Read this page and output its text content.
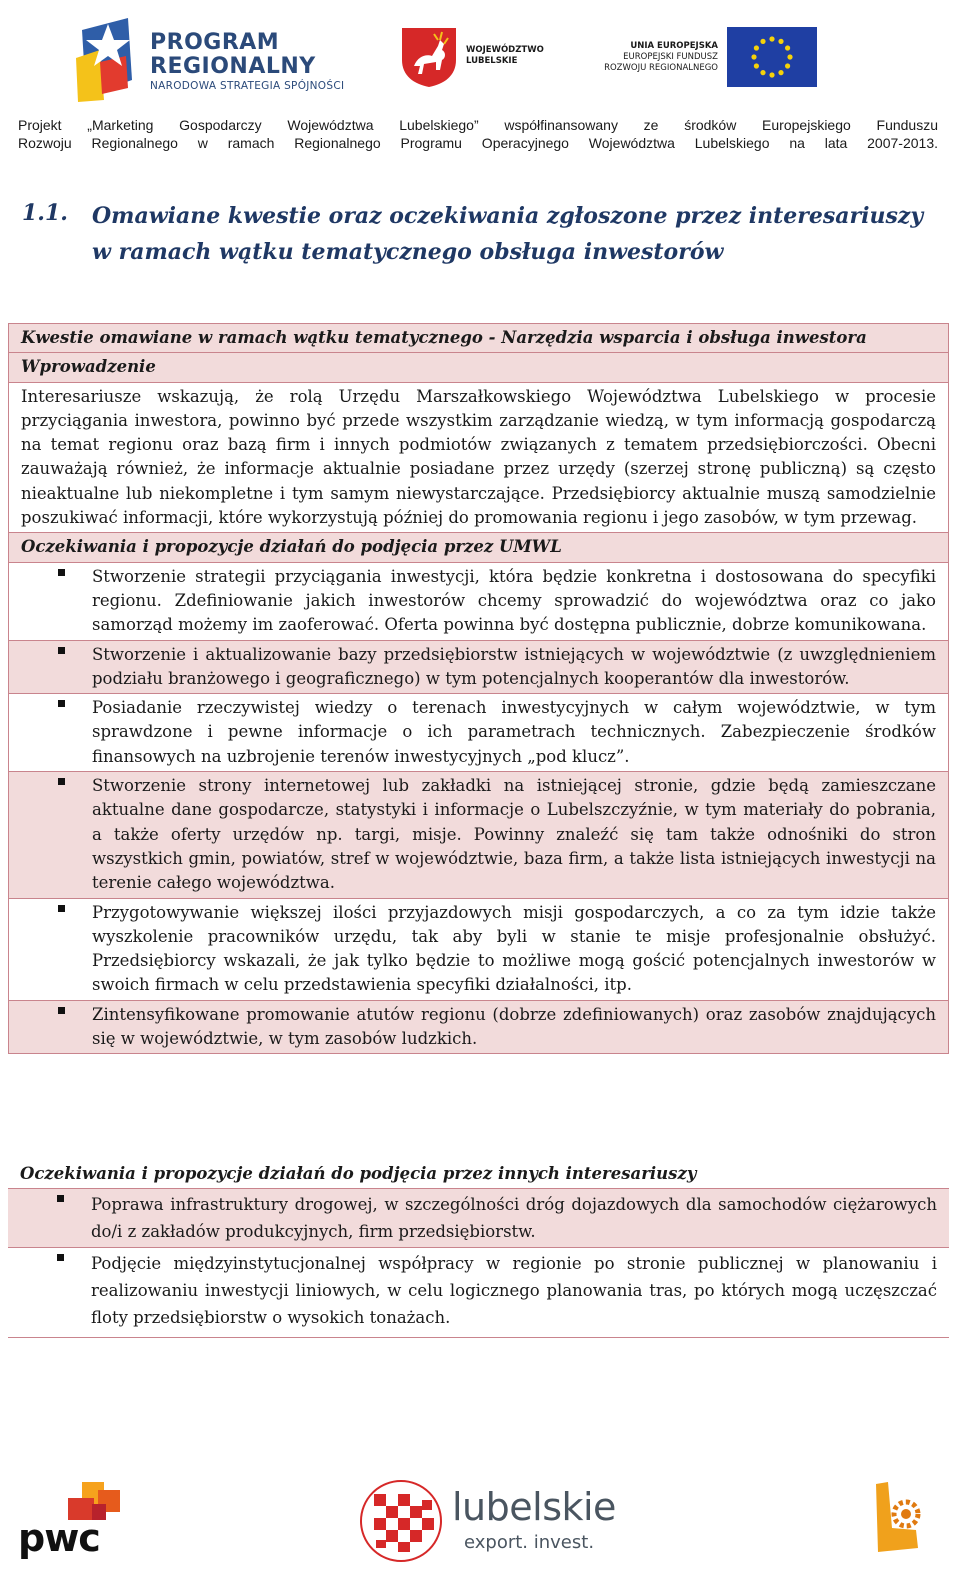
PROGRAM
REGIONALNY
NARODOWA STRATEGIA SPÓJNOŚCI
WOJEWÓDZTWO
LUBELSKIE
UNIA EUROPEJSKA
EUROPEJSKI FUNDUSZ
ROZWOJU REGIONALNEGO
Projekt „Marketing Gospodarczy Województwa Lubelskiego” współfinansowany ze środków Europejskiego Funduszu
Rozwoju Regionalnego w ramach Regionalnego Programu Operacyjnego Województwa Lubelskiego na lata 2007-2013.
1.1. Omawiane kwestie oraz oczekiwania zgłoszone przez interesariuszy w ramach wątku tematycznego obsługa inwestorów
Kwestie omawiane w ramach wątku tematycznego - Narzędzia wsparcia i obsługa inwestora
Wprowadzenie
Interesariusze wskazują, że rolą Urzędu Marszałkowskiego Województwa Lubelskiego w procesie przyciągania inwestora, powinno być przede wszystkim zarządzanie wiedzą, w tym informacją gospodarczą na temat regionu oraz bazą firm i innych podmiotów związanych z tematem przedsiębiorczości. Obecni zauważają również, że informacje aktualnie posiadane przez urzędy (szerzej stronę publiczną) są często nieaktualne lub niekompletne i tym samym niewystarczające. Przedsiębiorcy aktualnie muszą samodzielnie poszukiwać informacji, które wykorzystują później do promowania regionu i jego zasobów, w tym przewag.
Oczekiwania i propozycje działań do podjęcia przez UMWL
Stworzenie strategii przyciągania inwestycji, która będzie konkretna i dostosowana do specyfiki regionu. Zdefiniowanie jakich inwestorów chcemy sprowadzić do województwa oraz co jako samorząd możemy im zaoferować. Oferta powinna być dostępna publicznie, dobrze komunikowana.
Stworzenie i aktualizowanie bazy przedsiębiorstw istniejących w województwie (z uwzględnieniem podziału branżowego i geograficznego) w tym potencjalnych kooperantów dla inwestorów.
Posiadanie rzeczywistej wiedzy o terenach inwestycyjnych w całym województwie, w tym sprawdzone i pewne informacje o ich parametrach technicznych. Zabezpieczenie środków finansowych na uzbrojenie terenów inwestycyjnych „pod klucz”.
Stworzenie strony internetowej lub zakładki na istniejącej stronie, gdzie będą zamieszczane aktualne dane gospodarcze, statystyki i informacje o Lubelszczyźnie, w tym materiały do pobrania, a także oferty urzędów np. targi, misje. Powinny znaleźć się tam także odnośniki do stron wszystkich gmin, powiatów, stref w województwie, baza firm, a także lista istniejących inwestycji na terenie całego województwa.
Przygotowywanie większej ilości przyjazdowych misji gospodarczych, a co za tym idzie także wyszkolenie pracowników urzędu, tak aby byli w stanie te misje profesjonalnie obsłużyć. Przedsiębiorcy wskazali, że jak tylko będzie to możliwe mogą gościć potencjalnych inwestorów w swoich firmach w celu przedstawienia specyfiki działalności, itp.
Zintensyfikowane promowanie atutów regionu (dobrze zdefiniowanych) oraz zasobów znajdujących się w województwie, w tym zasobów ludzkich.
Oczekiwania i propozycje działań do podjęcia przez innych interesariuszy
Poprawa infrastruktury drogowej, w szczególności dróg dojazdowych dla samochodów ciężarowych do/i z zakładów produkcyjnych, firm przedsiębiorstw.
Podjęcie międzyinstytucjonalnej współpracy w regionie po stronie publicznej w planowaniu i realizowaniu inwestycji liniowych, w celu logicznego planowania tras, po których mogą uczęszczać floty przedsiębiorstw o wysokich tonażach.
pwc
lubelskie
export. invest.
